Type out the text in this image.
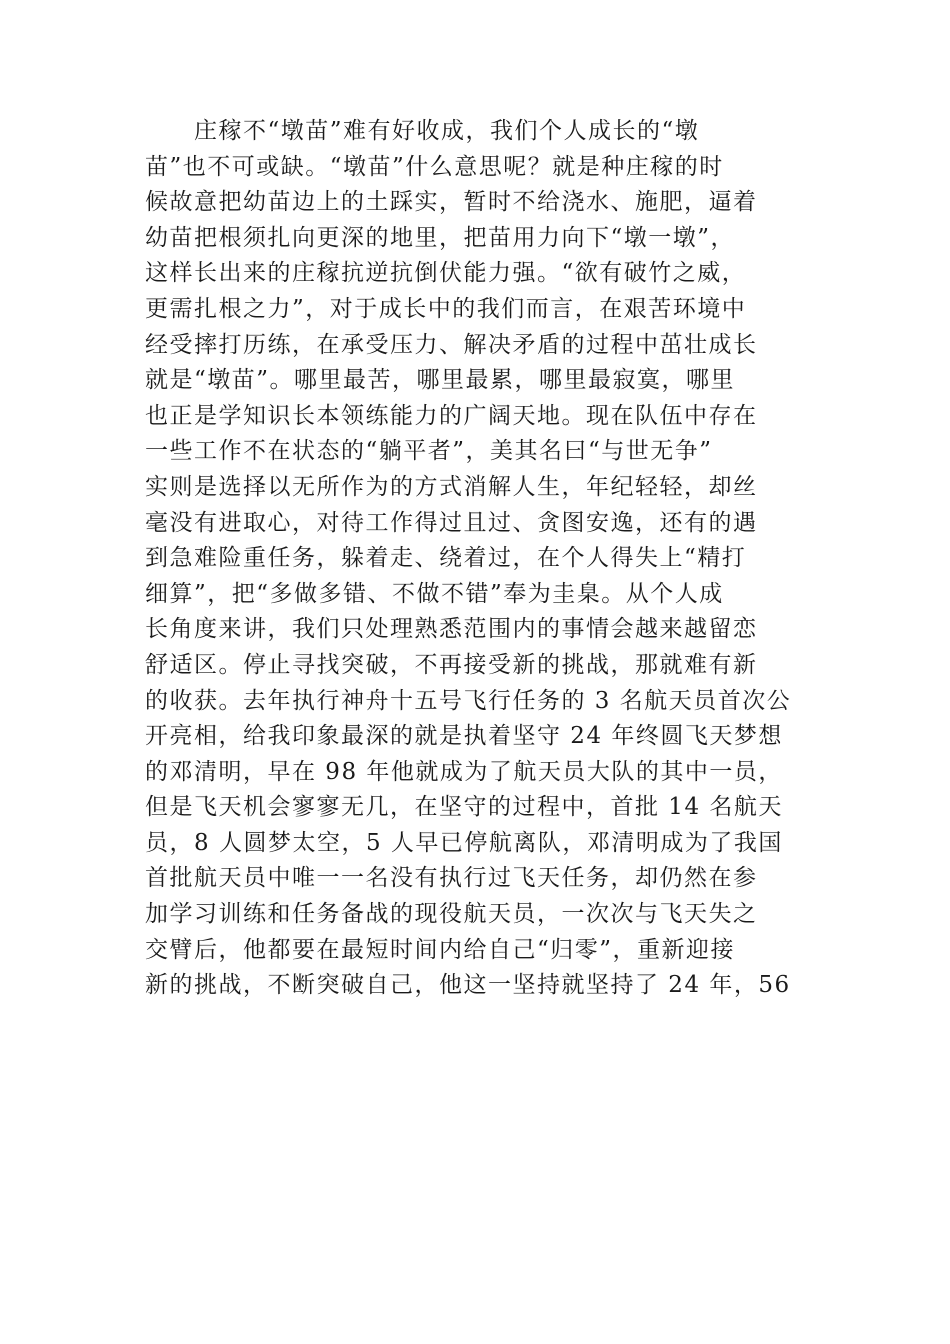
　　庄稼不“墩苗”难有好收成，我们个人成长的“墩
苗”也不可或缺。“墩苗”什么意思呢？就是种庄稼的时
候故意把幼苗边上的土踩实，暂时不给浇水、施肥，逼着
幼苗把根须扎向更深的地里，把苗用力向下“墩一墩”，
这样长出来的庄稼抗逆抗倒伏能力强。“欲有破竹之威，
更需扎根之力”，对于成长中的我们而言，在艰苦环境中
经受摔打历练，在承受压力、解决矛盾的过程中茁壮成长
就是“墩苗”。哪里最苦，哪里最累，哪里最寂寞，哪里
也正是学知识长本领练能力的广阔天地。现在队伍中存在
一些工作不在状态的“躺平者”，美其名曰“与世无争”
实则是选择以无所作为的方式消解人生，年纪轻轻，却丝
毫没有进取心，对待工作得过且过、贪图安逸，还有的遇
到急难险重任务，躲着走、绕着过，在个人得失上“精打
细算”，把“多做多错、不做不错”奉为圭臬。从个人成
长角度来讲，我们只处理熟悉范围内的事情会越来越留恋
舒适区。停止寻找突破，不再接受新的挑战，那就难有新
的收获。去年执行神舟十五号飞行任务的 3 名航天员首次公
开亮相，给我印象最深的就是执着坚守 24 年终圆飞天梦想
的邓清明，早在 98 年他就成为了航天员大队的其中一员，
但是飞天机会寥寥无几，在坚守的过程中，首批 14 名航天
员，8 人圆梦太空，5 人早已停航离队，邓清明成为了我国
首批航天员中唯一一名没有执行过飞天任务，却仍然在参
加学习训练和任务备战的现役航天员，一次次与飞天失之
交臂后，他都要在最短时间内给自己“归零”，重新迎接
新的挑战，不断突破自己，他这一坚持就坚持了 24 年，56
